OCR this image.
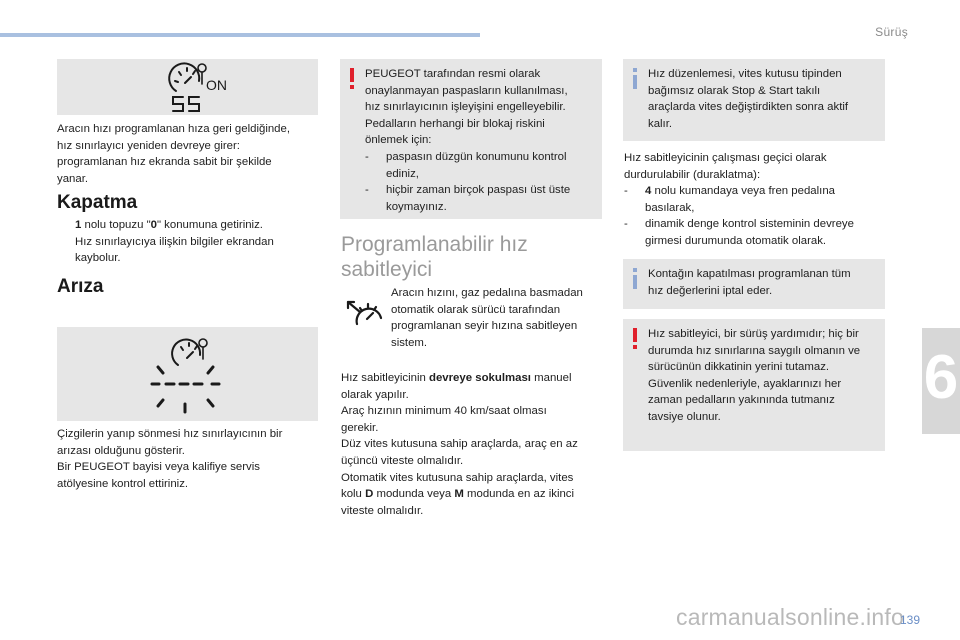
Sürüş
6
ON
Aracın hızı programlanan hıza geri geldiğinde,
hız sınırlayıcı yeniden devreye girer:
programlanan hız ekranda sabit bir şekilde
yanar.
Kapatma
1 nolu topuzu "0" konumuna getiriniz.
Hız sınırlayıcıya ilişkin bilgiler ekrandan
kaybolur.
Arıza
Çizgilerin yanıp sönmesi hız sınırlayıcının bir
arızası olduğunu gösterir.
Bir PEUGEOT bayisi veya kalifiye servis
atölyesine kontrol ettiriniz.
PEUGEOT tarafından resmi olarak
onaylanmayan paspasların kullanılması,
hız sınırlayıcının işleyişini engelleyebilir.
Pedalların herhangi bir blokaj riskini
önlemek için:
- paspasın düzgün konumunu kontrol
ediniz,
- hiçbir zaman birçok paspası üst üste
koymayınız.
Programlanabilir hız
sabitleyici
Aracın hızını, gaz pedalına basmadan
otomatik olarak sürücü tarafından
programlanan seyir hızına sabitleyen
sistem.
Hız sabitleyicinin devreye sokulması manuel
olarak yapılır.
Araç hızının minimum 40 km/saat olması
gerekir.
Düz vites kutusuna sahip araçlarda, araç en az
üçüncü viteste olmalıdır.
Otomatik vites kutusuna sahip araçlarda, vites
kolu D modunda veya M modunda en az ikinci
viteste olmalıdır.
Hız düzenlemesi, vites kutusu tipinden
bağımsız olarak Stop & Start takılı
araçlarda vites değiştirdikten sonra aktif
kalır.
Hız sabitleyicinin çalışması geçici olarak
durdurulabilir (duraklatma):
- 4 nolu kumandaya veya fren pedalına
basılarak,
- dinamik denge kontrol sisteminin devreye
girmesi durumunda otomatik olarak.
Kontağın kapatılması programlanan tüm
hız değerlerini iptal eder.
Hız sabitleyici, bir sürüş yardımıdır; hiç bir
durumda hız sınırlarına saygılı olmanın ve
sürücünün dikkatinin yerini tutamaz.
Güvenlik nedenleriyle, ayaklarınızı her
zaman pedalların yakınında tutmanız
tavsiye olunur.
carmanualsonline.info
139
